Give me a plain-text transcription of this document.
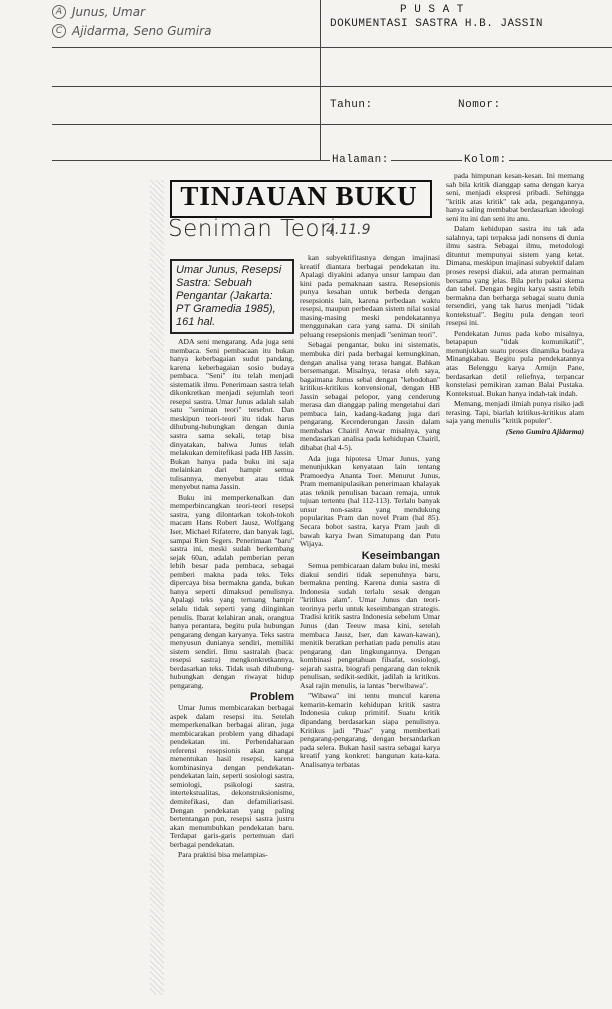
A Junus, Umar
C Ajidarma, Seno Gumira
P U S A T
DOKUMENTASI SASTRA H.B. JASSIN
Tahun:	Nomor:
Halaman:	Kolom:
TINJAUAN BUKU
Seniman Teori
4.11.9
Umar Junus, Resepsi Sastra: Sebuah Pengantar (Jakarta: PT Gramedia 1985), 161 hal.

ADA seni mengarang. Ada juga seni membaca. Seni pembacaan itu bukan hanya keberbagaian sudut pandang, karena keberbagaian sosio budaya pembaca. "Seni" itu telah menjadi sistematik ilmu. Penerimaan sastra telah dikonkretkan menjadi sejumlah teori resepsi sastra. Umar Junus adalah salah satu "seniman teori" tersebut. Dan meskipun teori-teori itu tidak harus dihubung-hubungkan dengan dunia sastra sama sekali, tetap bisa dinyatakan, bahwa Junus telah melakukan demitefikasi pada HB Jassin. Bukan hanya pada buku ini saja melainkan dari hampir semua tulisannya, menyebut atau tidak menyebut nama Jassin.

Buku ini memperkenalkan dan memperbincangkan teori-teori resepsi sastra, yang dilontarkan tokoh-tokoh macam Hans Robert Jausz, Wolfgang Iser, Michael Rifaterre, dan banyak lagi, sampai Rien Segers. Penerimaan "baru" sastra ini, meski sudah berkembang sejak 60an, adalah pemberian peran lebih besar pada pembaca, sebagai pemberi makna pada teks. Teks dipercaya bisa bermakna ganda, bukan hanya seperti dimaksud penulisnya. Apalagi teks yang tertuang hampir selalu tidak seperti yang diinginkan penulis. Ibarat kelahiran anak, orangtua hanya perantara, begitu pula hubungan pengarang dengan karyanya. Teks sastra menyusun dunianya sendiri, memiliki sistem sendiri. Ilmu sastralah (baca: resepsi sastra) mengkonkretkannya, berdasarkan teks. Tidak usah dihubung-hubungkan dengan riwayat hidup pengarang.

Problem

Umar Junus membicarakan berbagai aspek dalam resepsi itu. Setelah memperkenalkan berbagai aliran, juga membicarakan problem yang dihadapi pendekatan ini. Perbendaharaan referensi resepsionis akan sangat menentukan hasil resepsi, karena kombinasinya dengan pendekatan-pendekatan lain, seperti sosiologi sastra, semiologi, psikologi sastra, intertekstualitas, dekonstruksionisme, demitefikasi, dan defamiliarisasi. Dengan pendekatan yang paling bertentangan pun, resepsi sastra justru akan menumbuhkan pendekatan baru. Terdapat garis-garis pertemuan dari berbagai pendekatan.

Para praktisi bisa melampias-

kan subyektifitasnya dengan imajinasi kreatif diantara berbagai pendekatan itu. Apalagi diyakini adanya unsur lampau dan kini pada pemaknaan sastra. Resepsionis punya kesahan untuk berbeda dengan resepsionis lain, karena perbedaan waktu resepsi, maupun perbedaan sistem nilai sosial masing-masing meski pendekatannya menggunakan cara yang sama. Di sinilah peluang resepsionis menjadi "seniman teori".

Sebagai pengantar, buku ini sistematis, membuka diri pada berbagai kemungkinan, dengan analisa yang terasa hangat. Bahkan bersemangat. Misalnya, terasa oleh saya, bagaimana Junus sebal dengan "kebodohan" kritikus-kritikus konvensional, dengan HB Jassin sebagai pelopor, yang cenderung merasa dan dianggap paling mengetahui dari pembaca lain, kadang-kadang juga dari pengarang. Kecenderungan Jassin dalam membahas Chairil Anwar misalnya, yang mendasarkan analisa pada kehidupan Chairil, dibabat (hal 4-5).

Ada juga hipotesa Umar Junus, yang menunjukkan kenyataan lain tentang Pramoedya Ananta Toer. Menurut Junus, Pram memanipulasikan penerimaan khalayak atas teknik penulisan bacaan remaja, untuk tujuan tertentu (hal 112-113). Terlalu banyak unsur non-sastra yang mendukung popularitas Pram dan novel Pram (hal 85). Secara bobot sastra, karya Pram jauh di bawah karya Iwan Simatupang dan Putu Wijaya.

Keseimbangan

Semua pembicaraan dalam buku ini, meski diakui sendiri tidak sepenuhnya baru, bermakna penting. Karena dunia sastra di Indonesia sudah terlalu sesak dengan "kritikus alam". Umar Junus dan teori-teorinya perlu untuk keseimbangan strategis. Tradisi kritik sastra Indonesia sebelum Umar Junus (dan Teeuw masa kini, setelah membaca Jausz, Iser, dan kawan-kawan), menitik beratkan perhatian pada penulis atau pengarang dan lingkungannya. Dengan kombinasi pengetahuan filsafat, sosiologi, sejarah sastra, biografi pengarang dan teknik penulisan, sedikit-sedikit, jadilah ia kritikus. Asal rajin menulis, ia lantas "berwibawa".

"Wibawa" ini tentu muncul karena kemarin-kemarin kehidupan kritik sastra Indonesia cukup primitif. Suatu kritik dipandang berdasarkan siapa penulisnya. Kritikus jadi "Puas" yang memberkati pengarang-pengarang, dengan bersandarkan pada selera. Bukan hasil sastra sebagai karya kreatif yang konkret: bangunan kata-kata. Analisanya terbatas

pada himpunan kesan-kesan. Ini memang sah bila kritik dianggap sama dengan karya seni, menjadi ekspresi pribadi. Sehingga "kritik atas kritik" tak ada, pegangannya, hanya saling membabat berdasarkan ideologi seni itu ini dan seni itu anu.

Dalam kehidupan sastra itu tak ada salahnya, tapi terpaksa jadi nonsens di dunia ilmu sastra. Sebagai ilmu, metodologi dituntut mempunyai sistem yang ketat. Dimana, meskipun imajinasi subyektif dalam proses resepsi diakui, ada aturan permainan bersama yang jelas. Bila perlu pakai skema dan tabel. Dengan begitu karya sastra lebih bermakna dan berharga sebagai suatu dunia tersendiri, yang tak harus menjadi "tidak kontekstual". Begitu pula dengan teori resepsi ini.

Pendekatan Junus pada kobo misalnya, betapapun "tidak komunikatif", menunjukkan suatu proses dinamika budaya Minangkabau. Begitu pula pendekatannya atas Belenggu karya Armijn Pane, berdasarkan detil reliefnya, terpancar konstelasi pemikiran zaman Balai Pustaka. Kontekstual. Bukan hanya indah-tak indah.

Memang, menjadi ilmiah punya risiko jadi terasing. Tapi, biarlah kritikus-kritikus alam saja yang menulis "kritik populer".

(Seno Gumira Ajidarma)
